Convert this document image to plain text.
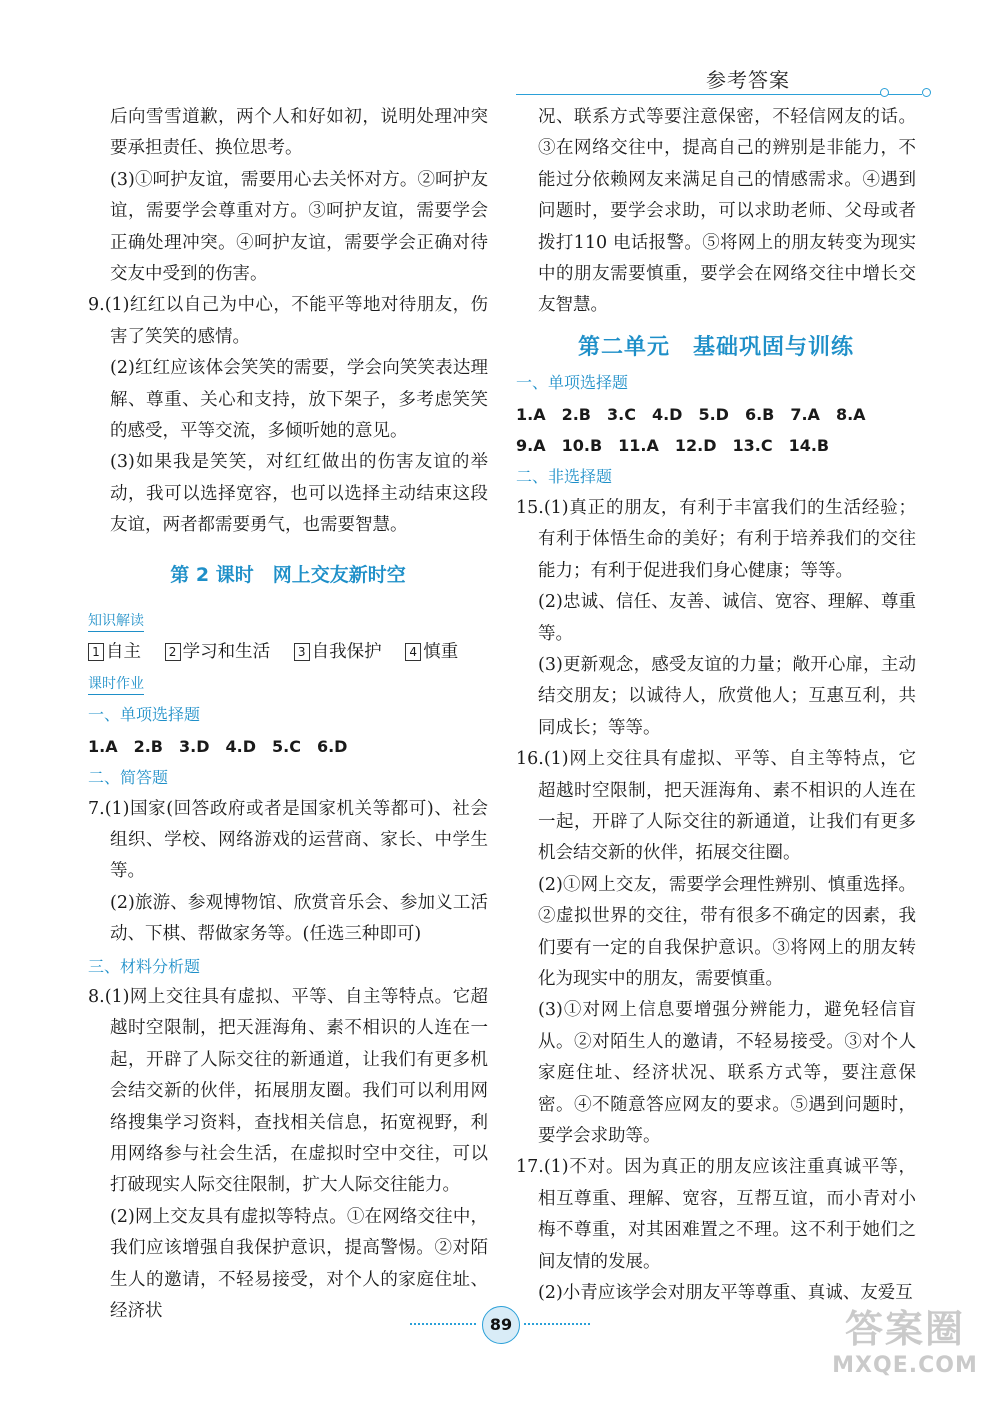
参考答案

后向雪雪道歉，两个人和好如初，说明处理冲突要承担责任、换位思考。

(3)①呵护友谊，需要用心去关怀对方。②呵护友谊，需要学会尊重对方。③呵护友谊，需要学会正确处理冲突。④呵护友谊，需要学会正确对待交友中受到的伤害。

9.(1)红红以自己为中心，不能平等地对待朋友，伤害了笑笑的感情。

(2)红红应该体会笑笑的需要，学会向笑笑表达理解、尊重、关心和支持，放下架子，多考虑笑笑的感受，平等交流，多倾听她的意见。

(3)如果我是笑笑，对红红做出的伤害友谊的举动，我可以选择宽容，也可以选择主动结束这段友谊，两者都需要勇气，也需要智慧。

第 2 课时　网上交友新时空
知识解读

1 自主 2 学习和生活 3 自我保护 4 慎重

课时作业

一、单项选择题

1.A　2.B　3.D　4.D　5.C　6.D

二、简答题

7.(1)国家(回答政府或者是国家机关等都可)、社会组织、学校、网络游戏的运营商、家长、中学生等。

(2)旅游、参观博物馆、欣赏音乐会、参加义工活动、下棋、帮做家务等。(任选三种即可)

三、材料分析题

8.(1)网上交往具有虚拟、平等、自主等特点。它超越时空限制，把天涯海角、素不相识的人连在一起，开辟了人际交往的新通道，让我们有更多机会结交新的伙伴，拓展朋友圈。我们可以利用网络搜集学习资料，查找相关信息，拓宽视野，利用网络参与社会生活，在虚拟时空中交往，可以打破现实人际交往限制，扩大人际交往能力。

(2)网上交友具有虚拟等特点。①在网络交往中，我们应该增强自我保护意识，提高警惕。②对陌生人的邀请，不轻易接受，对个人的家庭住址、经济状

况、联系方式等要注意保密，不轻信网友的话。③在网络交往中，提高自己的辨别是非能力，不能过分依赖网友来满足自己的情感需求。④遇到问题时，要学会求助，可以求助老师、父母或者拨打110 电话报警。⑤将网上的朋友转变为现实中的朋友需要慎重，要学会在网络交往中增长交友智慧。

第二单元　基础巩固与训练

一、单项选择题

1.A　2.B　3.C　4.D　5.D　6.B　7.A　8.A

9.A　10.B　11.A　12.D　13.C　14.B

二、非选择题

15.(1)真正的朋友，有利于丰富我们的生活经验；有利于体悟生命的美好；有利于培养我们的交往能力；有利于促进我们身心健康；等等。

(2)忠诚、信任、友善、诚信、宽容、理解、尊重等。

(3)更新观念，感受友谊的力量；敞开心扉，主动结交朋友；以诚待人，欣赏他人；互惠互利，共同成长；等等。

16.(1)网上交往具有虚拟、平等、自主等特点，它超越时空限制，把天涯海角、素不相识的人连在一起，开辟了人际交往的新通道，让我们有更多机会结交新的伙伴，拓展交往圈。

(2)①网上交友，需要学会理性辨别、慎重选择。②虚拟世界的交往，带有很多不确定的因素，我们要有一定的自我保护意识。③将网上的朋友转化为现实中的朋友，需要慎重。

(3)①对网上信息要增强分辨能力，避免轻信盲从。②对陌生人的邀请，不轻易接受。③对个人家庭住址、经济状况、联系方式等，要注意保密。④不随意答应网友的要求。⑤遇到问题时，要学会求助等。

17.(1)不对。因为真正的朋友应该注重真诚平等，相互尊重、理解、宽容，互帮互谊，而小青对小梅不尊重，对其困难置之不理。这不利于她们之间友情的发展。

(2)小青应该学会对朋友平等尊重、真诚、友爱互

89	答案圈
MXQE.COM
